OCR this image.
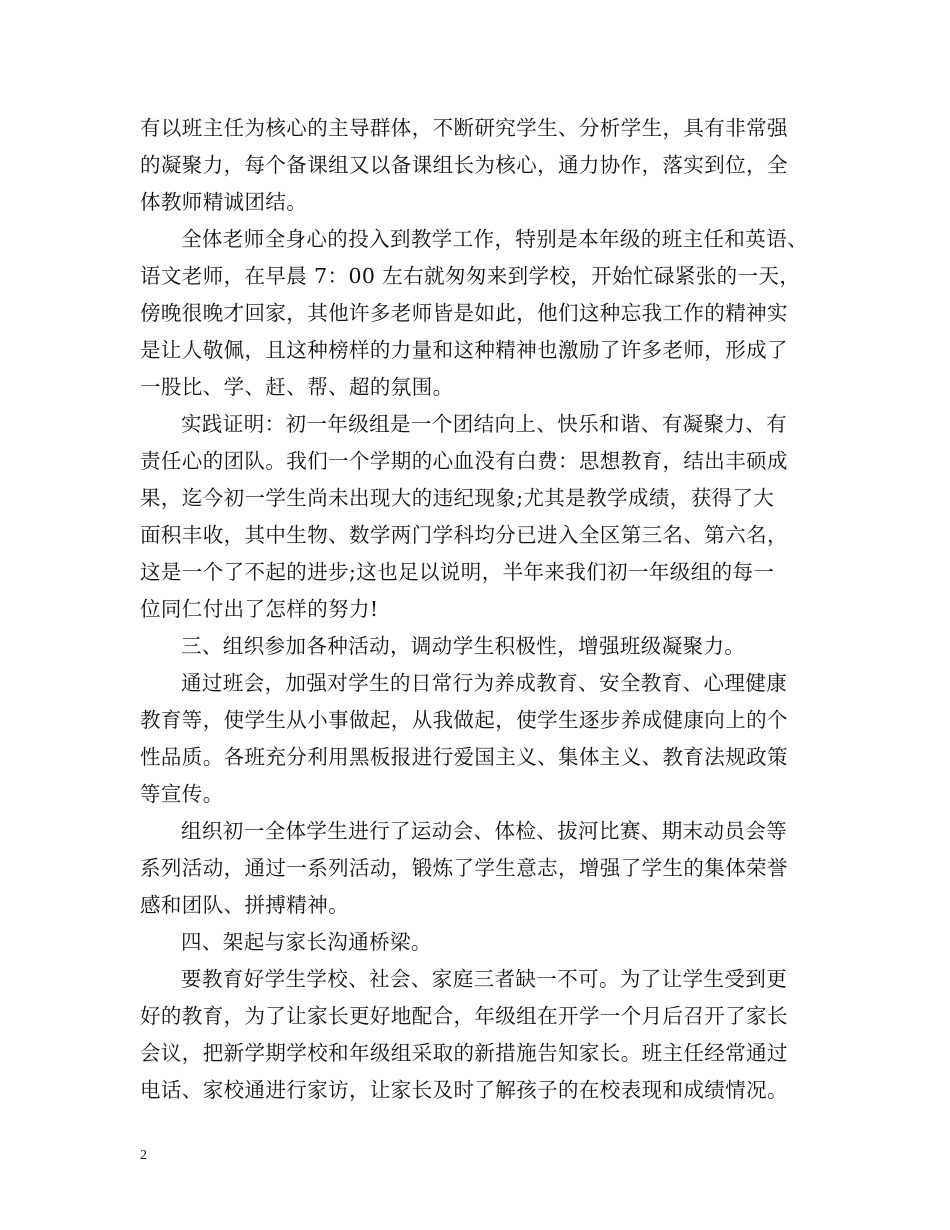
有以班主任为核心的主导群体，不断研究学生、分析学生，具有非常强
的凝聚力，每个备课组又以备课组长为核心，通力协作，落实到位，全
体教师精诚团结。
全体老师全身心的投入到教学工作，特别是本年级的班主任和英语、
语文老师，在早晨 7：00 左右就匆匆来到学校，开始忙碌紧张的一天，
傍晚很晚才回家，其他许多老师皆是如此，他们这种忘我工作的精神实
是让人敬佩，且这种榜样的力量和这种精神也激励了许多老师，形成了
一股比、学、赶、帮、超的氛围。
实践证明：初一年级组是一个团结向上、快乐和谐、有凝聚力、有
责任心的团队。我们一个学期的心血没有白费：思想教育，结出丰硕成
果，迄今初一学生尚未出现大的违纪现象;尤其是教学成绩，获得了大
面积丰收，其中生物、数学两门学科均分已进入全区第三名、第六名，
这是一个了不起的进步;这也足以说明，半年来我们初一年级组的每一
位同仁付出了怎样的努力!
三、组织参加各种活动，调动学生积极性，增强班级凝聚力。
通过班会，加强对学生的日常行为养成教育、安全教育、心理健康
教育等，使学生从小事做起，从我做起，使学生逐步养成健康向上的个
性品质。各班充分利用黑板报进行爱国主义、集体主义、教育法规政策
等宣传。
组织初一全体学生进行了运动会、体检、拔河比赛、期末动员会等
系列活动，通过一系列活动，锻炼了学生意志，增强了学生的集体荣誉
感和团队、拼搏精神。
四、架起与家长沟通桥梁。
要教育好学生学校、社会、家庭三者缺一不可。为了让学生受到更
好的教育，为了让家长更好地配合，年级组在开学一个月后召开了家长
会议，把新学期学校和年级组采取的新措施告知家长。班主任经常通过
电话、家校通进行家访，让家长及时了解孩子的在校表现和成绩情况。
2
